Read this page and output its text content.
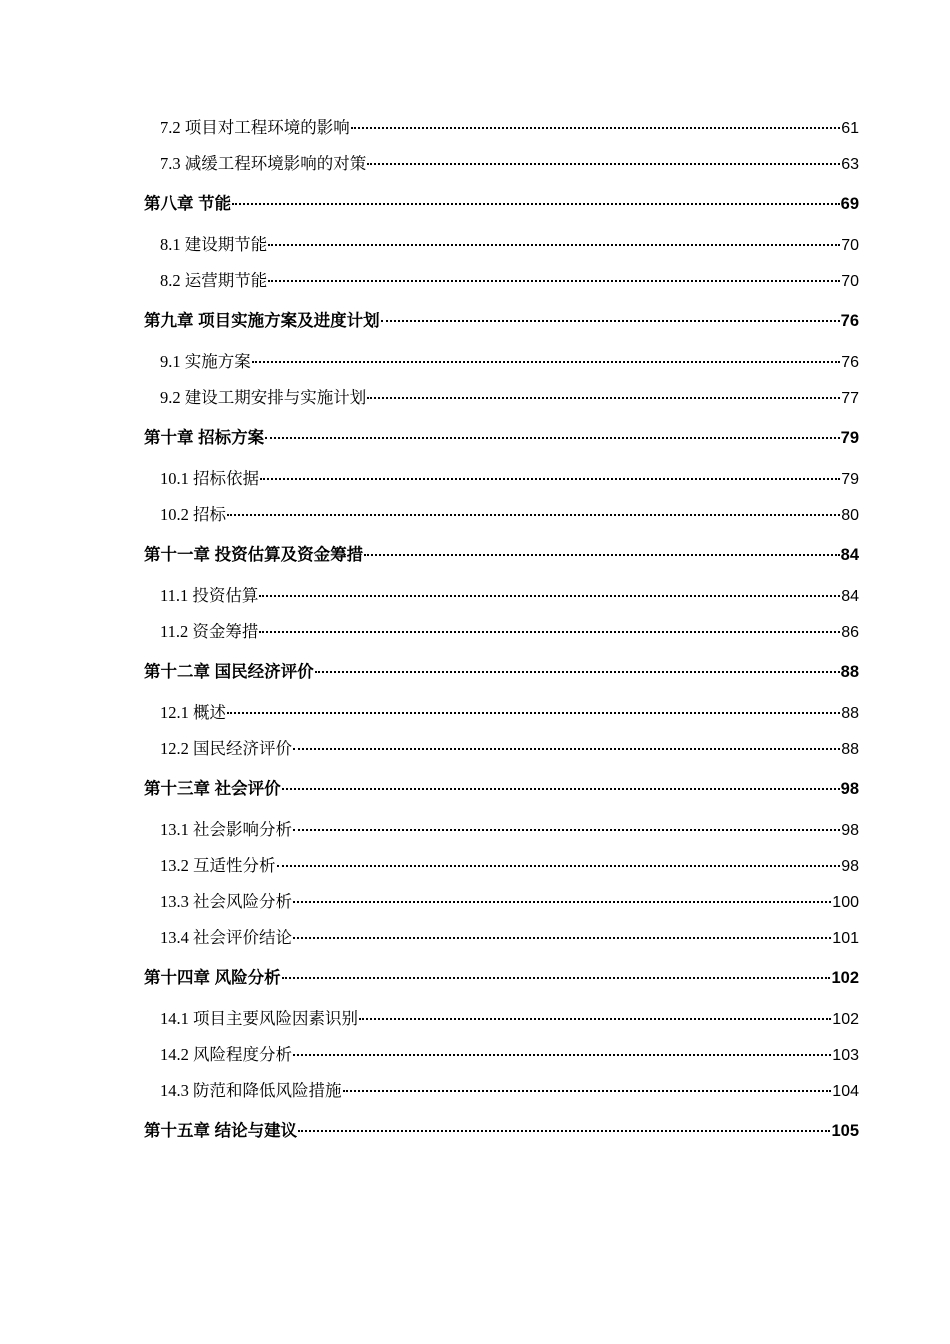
7.2 项目对工程环境的影响	61
7.3 减缓工程环境影响的对策	63
第八章 节能	69
8.1 建设期节能	70
8.2 运营期节能	70
第九章 项目实施方案及进度计划	76
9.1 实施方案	76
9.2 建设工期安排与实施计划	77
第十章 招标方案	79
10.1 招标依据	79
10.2 招标	80
第十一章 投资估算及资金筹措	84
11.1 投资估算	84
11.2 资金筹措	86
第十二章 国民经济评价	88
12.1 概述	88
12.2 国民经济评价	88
第十三章 社会评价	98
13.1 社会影响分析	98
13.2 互适性分析	98
13.3 社会风险分析	100
13.4 社会评价结论	101
第十四章 风险分析	102
14.1 项目主要风险因素识别	102
14.2 风险程度分析	103
14.3 防范和降低风险措施	104
第十五章 结论与建议	105
